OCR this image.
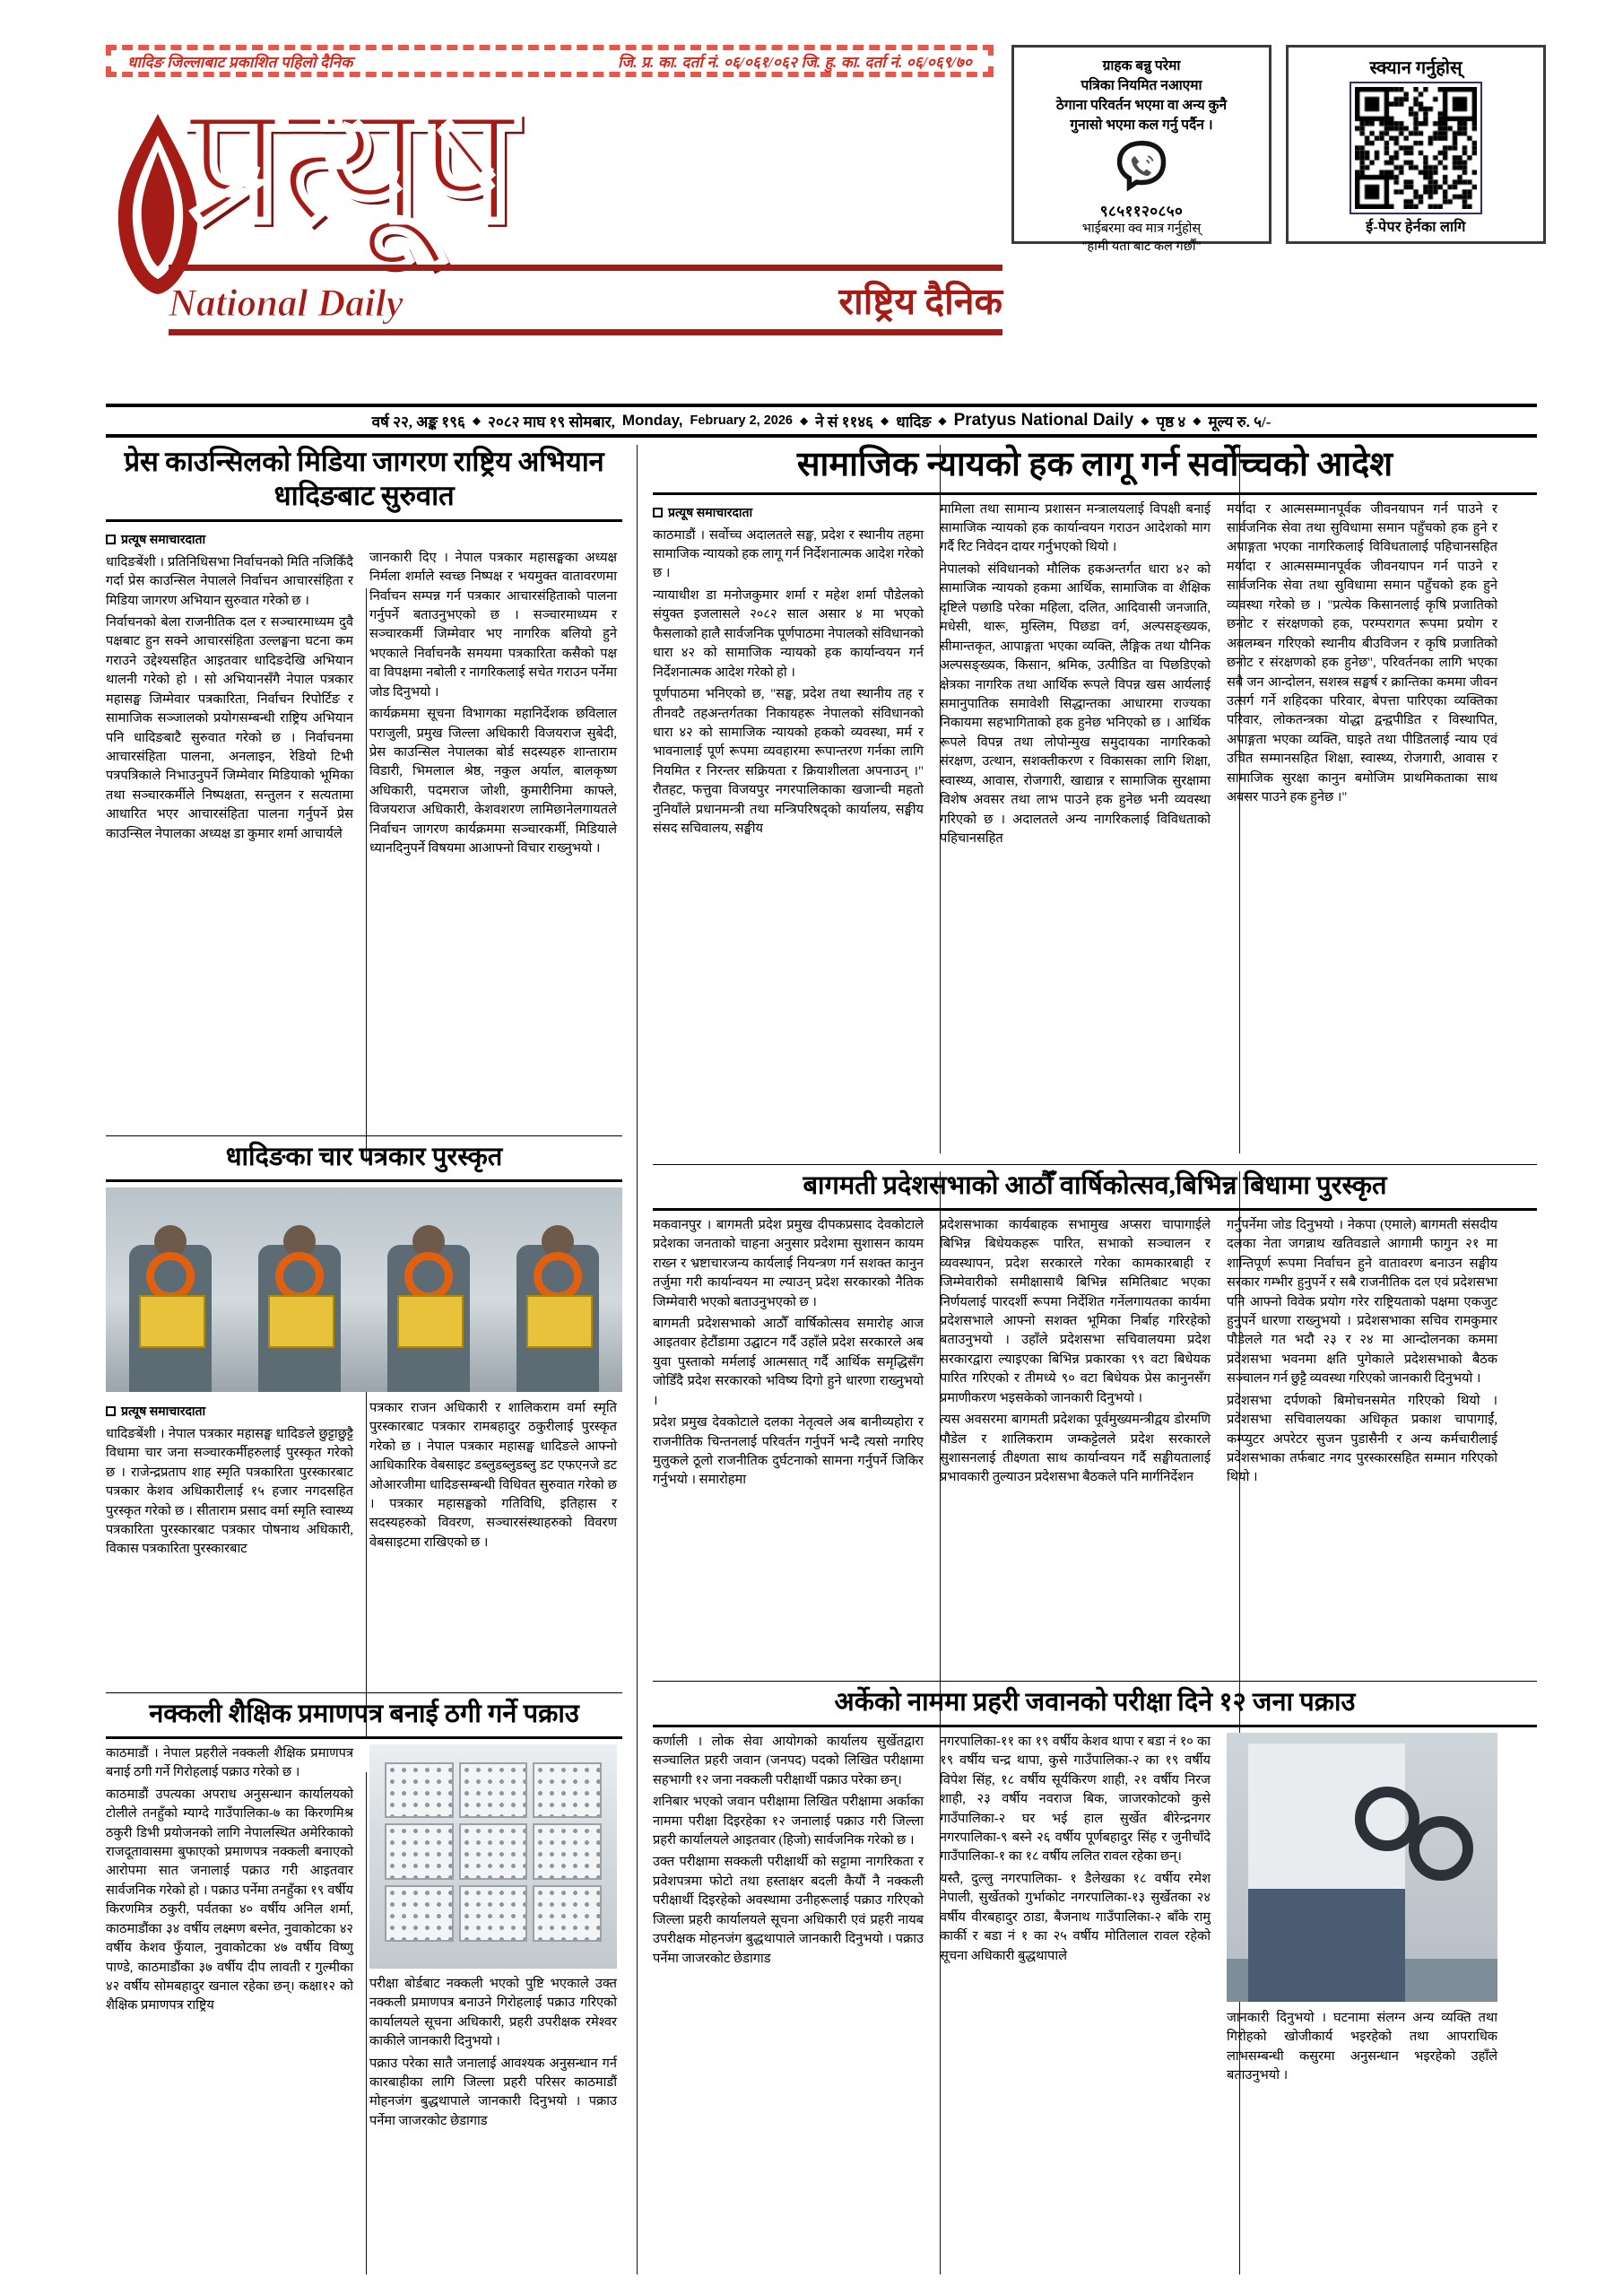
धादिङ जिल्लाबाट प्रकाशित पहिलो दैनिक	जि. प्र. का. दर्ता नं. ०६/०६१/०६२ जि. हु. का. दर्ता नं. ०६/०६९/७०
प्रत्यूष
National Daily	राष्ट्रिय दैनिक
ग्राहक बन्नु परेमा
पत्रिका नियमित नआएमा
ठेगाना परिवर्तन भएमा वा अन्य कुनै
गुनासो भएमा कल गर्नु पर्दैन ।
९८५११२०८५०
भाईबरमा क्व मात्र गर्नुहोस्
"हामी यता बाट कल गर्छौं"
स्क्यान गर्नुहोस्
ई-पेपर हेर्नका लागि
वर्ष २२, अङ्क १९६ ◆ २०८२ माघ १९ सोमबार, Monday, February 2, 2026 ◆ ने सं ११४६ ◆ धादिङ ◆ Pratyus National Daily ◆ पृष्ठ ४ ◆ मूल्य रु. ५/-
प्रेस काउन्सिलको मिडिया जागरण राष्ट्रिय अभियान धादिङबाट सुरुवात
प्रत्यूष समाचारदाता

धादिङबेंशी । प्रतिनिधिसभा निर्वाचनको मिति नजिकिँदै गर्दा प्रेस काउन्सिल नेपालले निर्वाचन आचारसंहिता र मिडिया जागरण अभियान सुरुवात गरेको छ ।

निर्वाचनको बेला राजनीतिक दल र सञ्चारमाध्यम दुवै पक्षबाट हुन सक्ने आचारसंहिता उल्लङ्घना घटना कम गराउने उद्देश्यसहित आइतवार धादिङदेखि अभियान थालनी गरेको हो । सो अभियानसँगै नेपाल पत्रकार महासङ्घ जिम्मेवार पत्रकारिता, निर्वाचन रिपोर्टिङ र सामाजिक सञ्जालको प्रयोगसम्बन्धी राष्ट्रिय अभियान पनि धादिङबाटै सुरुवात गरेको छ । निर्वाचनमा आचारसंहिता पालना, अनलाइन, रेडियो टिभी पत्रपत्रिकाले निभाउनुपर्ने जिम्मेवार मिडियाको भूमिका तथा सञ्चारकर्मीले निष्पक्षता, सन्तुलन र सत्यतामा आधारित भएर आचारसंहिता पालना गर्नुपर्ने प्रेस काउन्सिल नेपालका अध्यक्ष डा कुमार शर्मा आचार्यले

जानकारी दिए । नेपाल पत्रकार महासङ्घका अध्यक्ष निर्मला शर्माले स्वच्छ निष्पक्ष र भयमुक्त वातावरणमा निर्वाचन सम्पन्न गर्न पत्रकार आचारसंहिताको पालना गर्नुपर्ने बताउनुभएको छ । सञ्चारमाध्यम र सञ्चारकर्मी जिम्मेवार भए नागरिक बलियो हुने भएकाले निर्वाचनकै समयमा पत्रकारिता कसैको पक्ष वा विपक्षमा नबोली र नागरिकलाई सचेत गराउन पर्नेमा जोड दिनुभयो ।

कार्यक्रममा सूचना विभागका महानिर्देशक छविलाल पराजुली, प्रमुख जिल्ला अधिकारी विजयराज सुबेदी, प्रेस काउन्सिल नेपालका बोर्ड सदस्यहरु शान्ताराम विडारी, भिमलाल श्रेष्ठ, नकुल अर्याल, बालकृष्ण अधिकारी, पदमराज जोशी, कुमारीनिमा काफ्ले, विजयराज अधिकारी, केशवशरण लामिछानेलगायतले निर्वाचन जागरण कार्यक्रममा सञ्चारकर्मी, मिडियाले ध्यानदिनुपर्ने विषयमा आआफ्नो विचार राख्नुभयो ।

धादिङका चार पत्रकार पुरस्कृत
प्रत्यूष समाचारदाता

धादिङबेंशी । नेपाल पत्रकार महासङ्घ धादिङले छुट्टाछुट्टै विधामा चार जना सञ्चारकर्मीहरुलाई पुरस्कृत गरेको छ । राजेन्द्रप्रताप शाह स्मृति पत्रकारिता पुरस्कारबाट पत्रकार केशव अधिकारीलाई १५ हजार नगदसहित पुरस्कृत गरेको छ । सीताराम प्रसाद वर्मा स्मृति स्वास्थ्य पत्रकारिता पुरस्कारबाट पत्रकार पोषनाथ अधिकारी, विकास पत्रकारिता पुरस्कारबाट

पत्रकार राजन अधिकारी र शालिकराम वर्मा स्मृति पुरस्कारबाट पत्रकार रामबहादुर ठकुरीलाई पुरस्कृत गरेको छ । नेपाल पत्रकार महासङ्घ धादिङले आफ्नो आधिकारिक वेबसाइट डब्लुडब्लुडब्लु डट एफएनजे डट ओआरजीमा धादिङसम्बन्धी विधिवत सुरुवात गरेको छ । पत्रकार महासङ्घको गतिविधि, इतिहास र सदस्यहरुको विवरण, सञ्चारसंस्थाहरुको विवरण वेबसाइटमा राखिएको छ ।

नक्कली शैक्षिक प्रमाणपत्र बनाई ठगी गर्ने पक्राउ

काठमाडौं । नेपाल प्रहरीले नक्कली शैक्षिक प्रमाणपत्र बनाई ठगी गर्ने गिरोहलाई पक्राउ गरेको छ ।

काठमाडौं उपत्यका अपराध अनुसन्धान कार्यालयको टोलीले तनहुँको म्याग्दे गाउँपालिका-७ का किरणमिश्र ठकुरी डिभी प्रयोजनको लागि नेपालस्थित अमेरिकाको राजदूतावासमा बुफाएको प्रमाणपत्र नक्कली बनाएको आरोपमा सात जनालाई पक्राउ गरी आइतवार सार्वजनिक गरेको हो । पक्राउ पर्नेमा तनहुँका १९ वर्षीय किरणमित्र ठकुरी, पर्वतका ४० वर्षीय अनिल शर्मा, काठमाडौंका ३४ वर्षीय लक्ष्मण बस्नेत, नुवाकोटका ४२ वर्षीय केशव फुँयाल, नुवाकोटका ४७ वर्षीय विष्णु पाण्डे, काठमाडौंका ३७ वर्षीय दीप लावती र गुल्मीका ४२ वर्षीय सोमबहादुर खनाल रहेका छन्। कक्षा१२ को शैक्षिक प्रमाणपत्र राष्ट्रिय

परीक्षा बोर्डबाट नक्कली भएको पुष्टि भएकाले उक्त नक्कली प्रमाणपत्र बनाउने गिरोहलाई पक्राउ गरिएको कार्यालयले सूचना अधिकारी, प्रहरी उपरीक्षक रमेश्वर काकीले जानकारी दिनुभयो ।

पक्राउ परेका सातै जनालाई आवश्यक अनुसन्धान गर्न कारबाहीका लागि जिल्ला प्रहरी परिसर काठमाडौं मोहनजंग बुद्धथापाले जानकारी दिनुभयो । पक्राउ पर्नेमा जाजरकोट छेडागाड

सामाजिक न्यायको हक लागू गर्न सर्वोच्चको आदेश
प्रत्यूष समाचारदाता

काठमाडौं । सर्वोच्च अदालतले सङ्घ, प्रदेश र स्थानीय तहमा सामाजिक न्यायको हक लागू गर्न निर्देशनात्मक आदेश गरेको छ ।

न्यायाधीश डा मनोजकुमार शर्मा र महेश शर्मा पौडेलको संयुक्त इजलासले २०८२ साल असार ४ मा भएको फैसलाको हालै सार्वजनिक पूर्णपाठमा नेपालको संविधानको धारा ४२ को सामाजिक न्यायको हक कार्यान्वयन गर्न निर्देशनात्मक आदेश गरेको हो ।

पूर्णपाठमा भनिएको छ, "सङ्घ, प्रदेश तथा स्थानीय तह र तीनवटै तहअन्तर्गतका निकायहरू नेपालको संविधानको धारा ४२ को सामाजिक न्यायको हकको व्यवस्था, मर्म र भावनालाई पूर्ण रूपमा व्यवहारमा रूपान्तरण गर्नका लागि नियमित र निरन्तर सक्रियता र क्रियाशीलता अपनाउन् ।" रौतहट, फत्तुवा विजयपुर नगरपालिकाका खजान्ची महतो नुनियाँले प्रधानमन्त्री तथा मन्त्रिपरिषद्को कार्यालय, सङ्घीय संसद सचिवालय, सङ्घीय

मामिला तथा सामान्य प्रशासन मन्त्रालयलाई विपक्षी बनाई सामाजिक न्यायको हक कार्यान्वयन गराउन आदेशको माग गर्दै रिट निवेदन दायर गर्नुभएको थियो ।

नेपालको संविधानको मौलिक हकअन्तर्गत धारा ४२ को सामाजिक न्यायको हकमा आर्थिक, सामाजिक वा शैक्षिक दृष्टिले पछाडि परेका महिला, दलित, आदिवासी जनजाति, मधेसी, थारू, मुस्लिम, पिछडा वर्ग, अल्पसङ्ख्यक, सीमान्तकृत, आपाङ्गता भएका व्यक्ति, लैङ्गिक तथा यौनिक अल्पसङ्ख्यक, किसान, श्रमिक, उत्पीडित वा पिछडिएको क्षेत्रका नागरिक तथा आर्थिक रूपले विपन्न खस आर्यलाई समानुपातिक समावेशी सिद्धान्तका आधारमा राज्यका निकायमा सहभागिताको हक हुनेछ भनिएको छ । आर्थिक रूपले विपन्न तथा लोपोन्मुख समुदायका नागरिकको संरक्षण, उत्थान, सशक्तीकरण र विकासका लागि शिक्षा, स्वास्थ्य, आवास, रोजगारी, खाद्यान्न र सामाजिक सुरक्षामा विशेष अवसर तथा लाभ पाउने हक हुनेछ भनी व्यवस्था गरिएको छ । अदालतले अन्य नागरिकलाई विविधताको पहिचानसहित

मर्यादा र आत्मसम्मानपूर्वक जीवनयापन गर्न पाउने र सार्वजनिक सेवा तथा सुविधामा समान पहुँचको हक हुने र अपाङ्गता भएका नागरिकलाई विविधतालाई पहिचानसहित मर्यादा र आत्मसम्मानपूर्वक जीवनयापन गर्न पाउने र सार्वजनिक सेवा तथा सुविधामा समान पहुँचको हक हुने व्यवस्था गरेको छ । "प्रत्येक किसानलाई कृषि प्रजातिको छनोट र संरक्षणको हक, परम्परागत रूपमा प्रयोग र अवलम्बन गरिएको स्थानीय बीउविजन र कृषि प्रजातिको छनोट र संरक्षणको हक हुनेछ", परिवर्तनका लागि भएका सबै जन आन्दोलन, सशस्त्र सङ्घर्ष र क्रान्तिका कममा जीवन उत्सर्ग गर्ने शहिदका परिवार, बेपत्ता पारिएका व्यक्तिका परिवार, लोकतन्त्रका योद्धा द्वन्द्वपीडित र विस्थापित, अपाङ्गता भएका व्यक्ति, घाइते तथा पीडितलाई न्याय एवं उचित सम्मानसहित शिक्षा, स्वास्थ्य, रोजगारी, आवास र सामाजिक सुरक्षा कानुन बमोजिम प्राथमिकताका साथ अवसर पाउने हक हुनेछ ।"

बागमती प्रदेशसभाको आठौँ वार्षिकोत्सव,बिभिन्न बिधामा पुरस्कृत

मकवानपुर । बागमती प्रदेश प्रमुख दीपकप्रसाद देवकोटाले प्रदेशका जनताको चाहना अनुसार प्रदेशमा सुशासन कायम राख्न र भ्रष्टाचारजन्य कार्यलाई नियन्त्रण गर्न सशक्त कानुन तर्जुमा गरी कार्यान्वयन मा ल्याउन् प्रदेश सरकारको नैतिक जिम्मेवारी भएको बताउनुभएको छ ।

बागमती प्रदेशसभाको आठौँ वार्षिकोत्सव समारोह आज आइतवार हेटौंडामा उद्घाटन गर्दै उहाँले प्रदेश सरकारले अब युवा पुस्ताको मर्मलाई आत्मसात् गर्दै आर्थिक समृद्धिसँग जोडिँदै प्रदेश सरकारको भविष्य दिगो हुने धारणा राख्नुभयो ।

प्रदेश प्रमुख देवकोटाले दलका नेतृत्वले अब बानीव्यहोरा र राजनीतिक चिन्तनलाई परिवर्तन गर्नुपर्ने भन्दै त्यसो नगरिए मुलुकले ठूलो राजनीतिक दुर्घटनाको सामना गर्नुपर्ने जिकिर गर्नुभयो । समारोहमा

प्रदेशसभाका कार्यबाहक सभामुख अप्सरा चापागाईले बिभिन्न बिधेयकहरू पारित, सभाको सञ्चालन र व्यवस्थापन, प्रदेश सरकारले गरेका कामकारबाही र जिम्मेवारीको समीक्षासाथै बिभिन्न समितिबाट भएका निर्णयलाई पारदर्शी रूपमा निर्देशित गर्नेलगायतका कार्यमा प्रदेशसभाले आफ्नो सशक्त भूमिका निर्बाह गरिरहेको बताउनुभयो । उहाँले प्रदेशसभा सचिवालयमा प्रदेश सरकारद्वारा ल्याइएका बिभिन्न प्रकारका ९९ वटा बिधेयक पारित गरिएको र तीमध्ये ९० वटा बिधेयक प्रेस कानुनसँग प्रमाणीकरण भइसकेको जानकारी दिनुभयो ।

त्यस अवसरमा बागमती प्रदेशका पूर्वमुख्यमन्त्रीद्वय डोरमणि पौडेल र शालिकराम जम्कट्टेलले प्रदेश सरकारले सुशासनलाई तीक्ष्णता साथ कार्यान्वयन गर्दै सङ्घीयतालाई प्रभावकारी तुल्याउन प्रदेशसभा बैठकले पनि मार्गनिर्देशन

गर्नुपर्नेमा जोड दिनुभयो । नेकपा (एमाले) बागमती संसदीय दलका नेता जगन्नाथ खतिवडाले आगामी फागुन २१ मा शान्तिपूर्ण रूपमा निर्वाचन हुने वातावरण बनाउन सङ्घीय सरकार गम्भीर हुनुपर्ने र सबै राजनीतिक दल एवं प्रदेशसभा पनि आफ्नो विवेक प्रयोग गरेर राष्ट्रियताको पक्षमा एकजुट हुनुपर्ने धारणा राख्नुभयो । प्रदेशसभाका सचिव रामकुमार पौडेलले गत भदौ २३ र २४ मा आन्दोलनका कममा प्रदेशसभा भवनमा क्षति पुगेकाले प्रदेशसभाको बैठक सञ्चालन गर्न छुट्टै व्यवस्था गरिएको जानकारी दिनुभयो ।

प्रदेशसभा दर्पणको बिमोचनसमेत गरिएको थियो । प्रदेशसभा सचिवालयका अधिकृत प्रकाश चापागाईं, कम्प्युटर अपरेटर सुजन पुडासैनी र अन्य कर्मचारीलाई प्रदेशसभाका तर्फबाट नगद पुरस्कारसहित सम्मान गरिएको थियो ।

अर्केको नाममा प्रहरी जवानको परीक्षा दिने १२ जना पक्राउ

कर्णाली । लोक सेवा आयोगको कार्यालय सुर्खेतद्वारा सञ्चालित प्रहरी जवान (जनपद) पदको लिखित परीक्षामा सहभागी १२ जना नक्कली परीक्षार्थी पक्राउ परेका छन्।

शनिबार भएको जवान परीक्षामा लिखित परीक्षामा अर्काका नाममा परीक्षा दिइरहेका १२ जनालाई पक्राउ गरी जिल्ला प्रहरी कार्यालयले आइतवार (हिजो) सार्वजनिक गरेको छ ।

उक्त परीक्षामा सक्कली परीक्षार्थी को सट्टामा नागरिकता र प्रवेशपत्रमा फोटो तथा हस्ताक्षर बदली कैयौं नै नक्कली परीक्षार्थी दिइरहेको अवस्थामा उनीहरूलाई पक्राउ गरिएको जिल्ला प्रहरी कार्यालयले सूचना अधिकारी एवं प्रहरी नायब उपरीक्षक मोहनजंग बुद्धथापाले जानकारी दिनुभयो । पक्राउ पर्नेमा जाजरकोट छेडागाड

नगरपालिका-११ का १९ वर्षीय केशव थापा र बडा नं १० का १९ वर्षीय चन्द्र थापा, कुसे गाउँपालिका-२ का १९ वर्षीय विपेश सिंह, १८ वर्षीय सूर्यकिरण शाही, २१ वर्षीय निरज शाही, २३ वर्षीय नवराज बिक, जाजरकोटको कुसे गाउँपालिका-२ घर भई हाल सुर्खेत बीरेन्द्रनगर नगरपालिका-९ बस्ने २६ वर्षीय पूर्णबहादुर सिंह र जुनीचाँदे गाउँपालिका-१ का १८ वर्षीय ललित रावल रहेका छन्।

यस्तै, दुल्लु नगरपालिका- १ डैलेखका १८ वर्षीय रमेश नेपाली, सुर्खेतको गुर्भाकोट नगरपालिका-१३ सुर्खेतका २४ वर्षीय वीरबहादुर ठाडा, बैजनाथ गाउँपालिका-२ बाँके रामु कार्की र बडा नं १ का २५ वर्षीय मोतिलाल रावल रहेको सूचना अधिकारी बुद्धथापाले

जानकारी दिनुभयो । घटनामा संलग्न अन्य व्यक्ति तथा गिरोहको खोजीकार्य भइरहेको तथा आपराधिक लाभसम्बन्धी कसुरमा अनुसन्धान भइरहेको उहाँले बताउनुभयो ।
